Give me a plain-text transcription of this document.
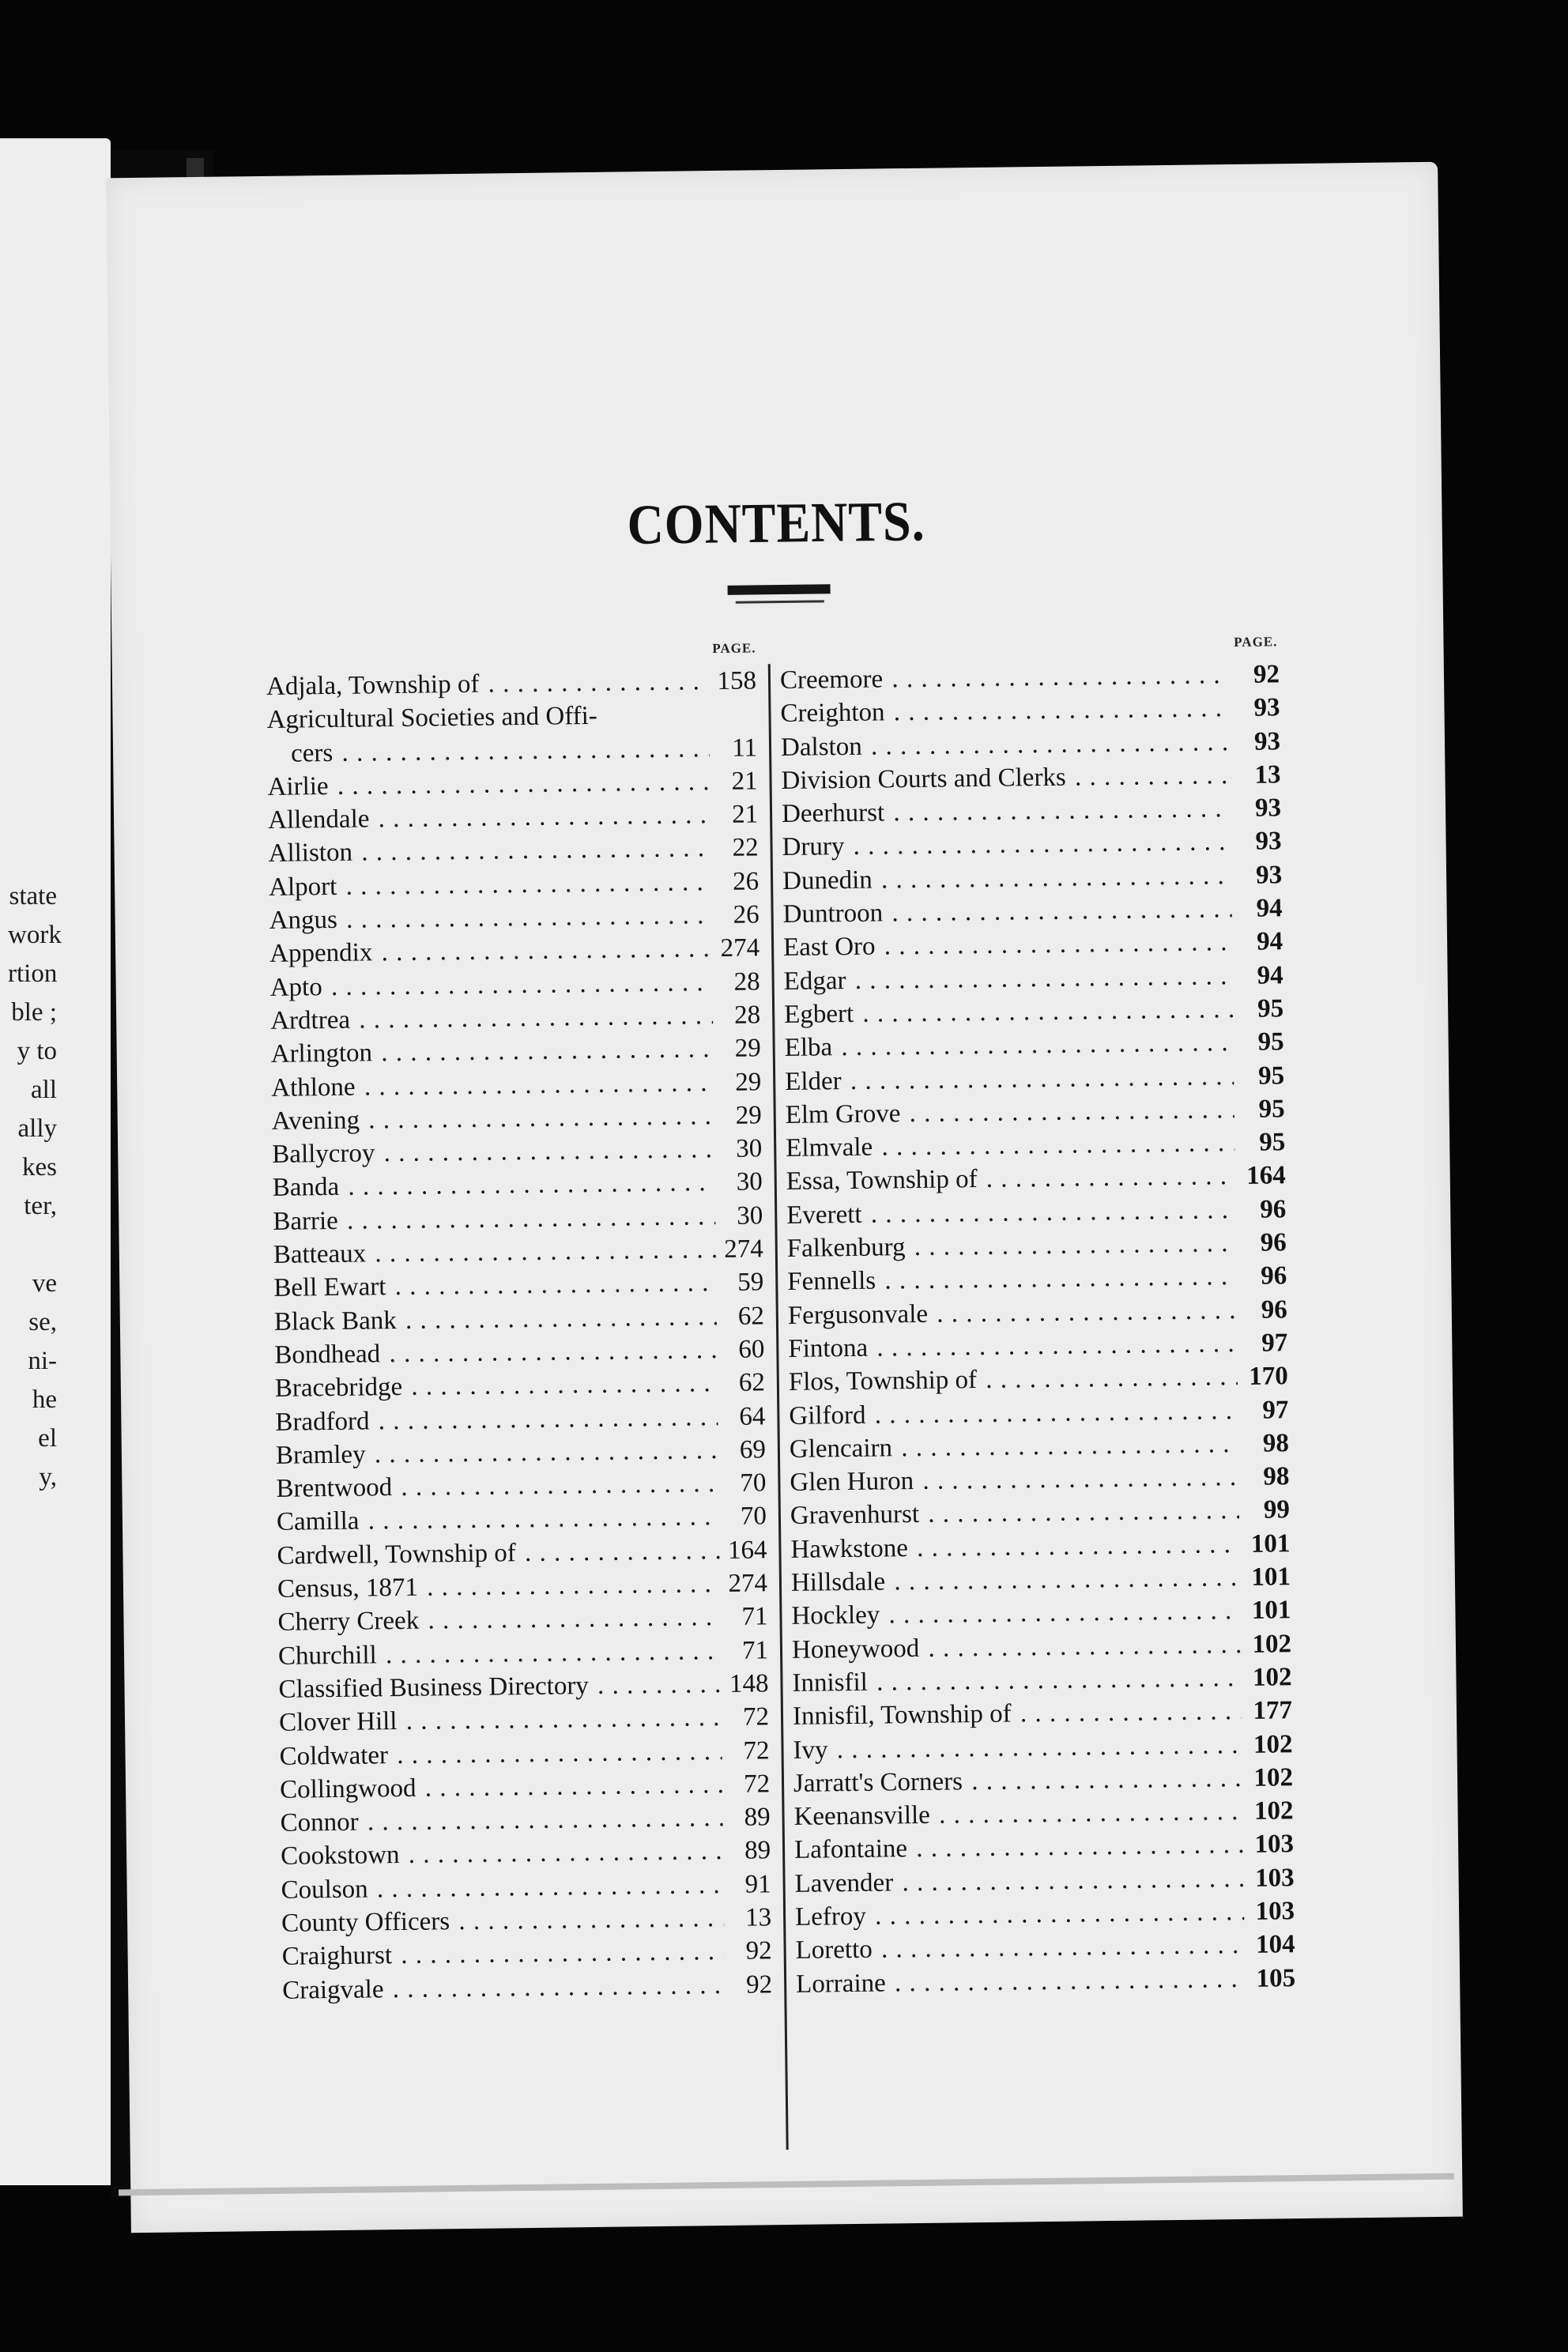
state
work
rtion
ble ;
y to
all
ally
kes
ter,

ve
se,
ni-
he
el
y,
CONTENTS.
PAGE.
Adjala, Township of . . .	158
Agricultural Societies and Offi-
cers . . .	11
Airlie . . .	21
Allendale . . .	21
Alliston . . .	22
Alport . . .	26
Angus . . .	26
Appendix . . .	274
Apto . . .	28
Ardtrea . . .	28
Arlington . . .	29
Athlone . . .	29
Avening . . .	29
Ballycroy . . .	30
Banda . . .	30
Barrie . . .	30
Batteaux . . .	274
Bell Ewart . . .	59
Black Bank . . .	62
Bondhead . . .	60
Bracebridge . . .	62
Bradford . . .	64
Bramley . . .	69
Brentwood . . .	70
Camilla . . .	70
Cardwell, Township of . . .	164
Census, 1871 . . .	274
Cherry Creek . . .	71
Churchill . . .	71
Classified Business Directory . . .	148
Clover Hill . . .	72
Coldwater . . .	72
Collingwood . . .	72
Connor . . .	89
Cookstown . . .	89
Coulson . . .	91
County Officers . . .	13
Craighurst . . .	92
Craigvale . . .	92
PAGE.
Creemore . . .	92
Creighton . . .	93
Dalston . . .	93
Division Courts and Clerks . . .	13
Deerhurst . . .	93
Drury . . .	93
Dunedin . . .	93
Duntroon . . .	94
East Oro . . .	94
Edgar . . .	94
Egbert . . .	95
Elba . . .	95
Elder . . .	95
Elm Grove . . .	95
Elmvale . . .	95
Essa, Township of . . .	164
Everett . . .	96
Falkenburg . . .	96
Fennells . . .	96
Fergusonvale . . .	96
Fintona . . .	97
Flos, Township of . . .	170
Gilford . . .	97
Glencairn . . .	98
Glen Huron . . .	98
Gravenhurst . . .	99
Hawkstone . . .	101
Hillsdale . . .	101
Hockley . . .	101
Honeywood . . .	102
Innisfil . . .	102
Innisfil, Township of . . .	177
Ivy . . .	102
Jarratt's Corners . . .	102
Keenansville . . .	102
Lafontaine . . .	103
Lavender . . .	103
Lefroy . . .	103
Loretto . . .	104
Lorraine . . .	105
